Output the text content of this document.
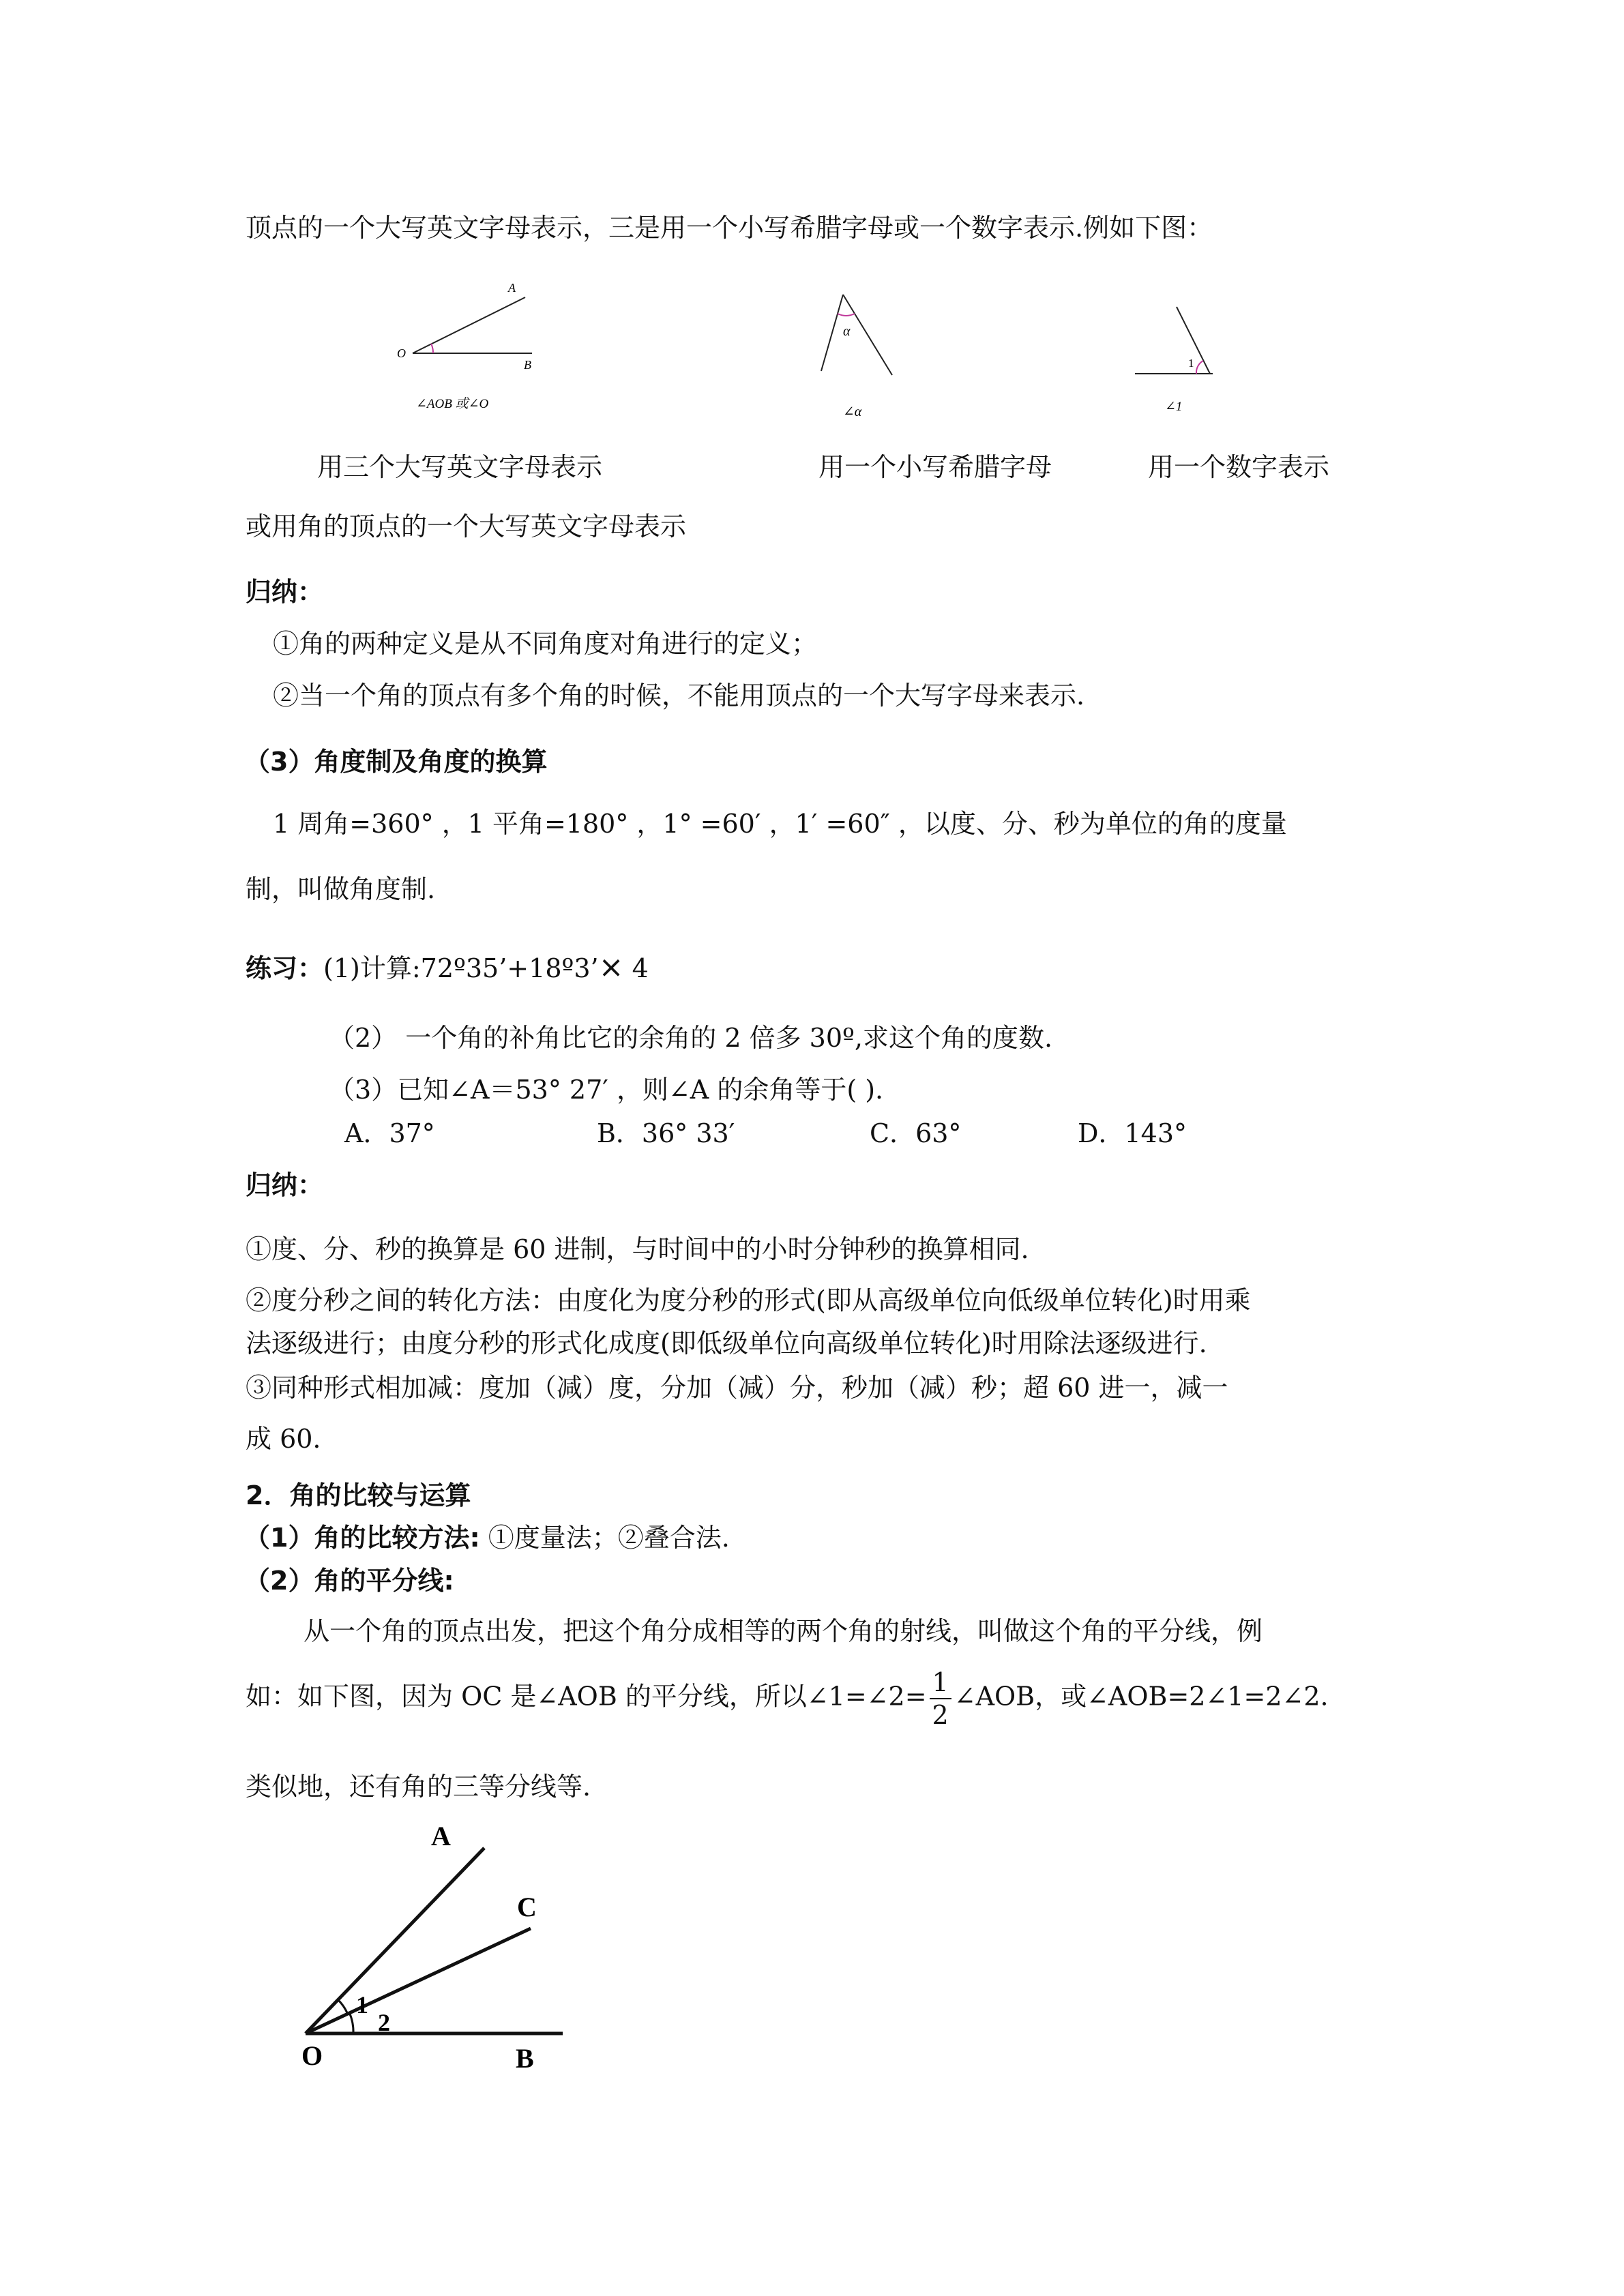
顶点的一个大写英文字母表示，三是用一个小写希腊字母或一个数字表示.例如下图：
A
O
B
∠AOB 或∠O
α
∠α
1
∠1
用三个大写英文字母表示	用一个小写希腊字母	用一个数字表示
或用角的顶点的一个大写英文字母表示
归纳：
①角的两种定义是从不同角度对角进行的定义；
②当一个角的顶点有多个角的时候，不能用顶点的一个大写字母来表示.
（3）角度制及角度的换算
1 周角=360° ，1 平角=180° ，1° =60′ ，1′ =60″ ，以度、分、秒为单位的角的度量
制，叫做角度制.
练习：(1)计算:72º35’+18º3’× 4
（2） 一个角的补角比它的余角的 2 倍多 30º,求这个角的度数.
（3）已知∠A＝53° 27′ ，则∠A 的余角等于( ).
A．37°	B．36° 33′	C．63°	D．143°
归纳：
①度、分、秒的换算是 60 进制，与时间中的小时分钟秒的换算相同.
②度分秒之间的转化方法：由度化为度分秒的形式(即从高级单位向低级单位转化)时用乘
法逐级进行；由度分秒的形式化成度(即低级单位向高级单位转化)时用除法逐级进行.
③同种形式相加减：度加（减）度，分加（减）分，秒加（减）秒；超 60 进一，减一
成 60.
2．角的比较与运算
（1）角的比较方法: ①度量法；②叠合法.
（2）角的平分线:
从一个角的顶点出发，把这个角分成相等的两个角的射线，叫做这个角的平分线，例
如：如下图，因为 OC 是∠AOB 的平分线，所以∠1=∠2= $\frac{1}{2}$ ∠AOB，或∠AOB=2∠1=2∠2.
类似地，还有角的三等分线等.
A
C
1
2
O	B
